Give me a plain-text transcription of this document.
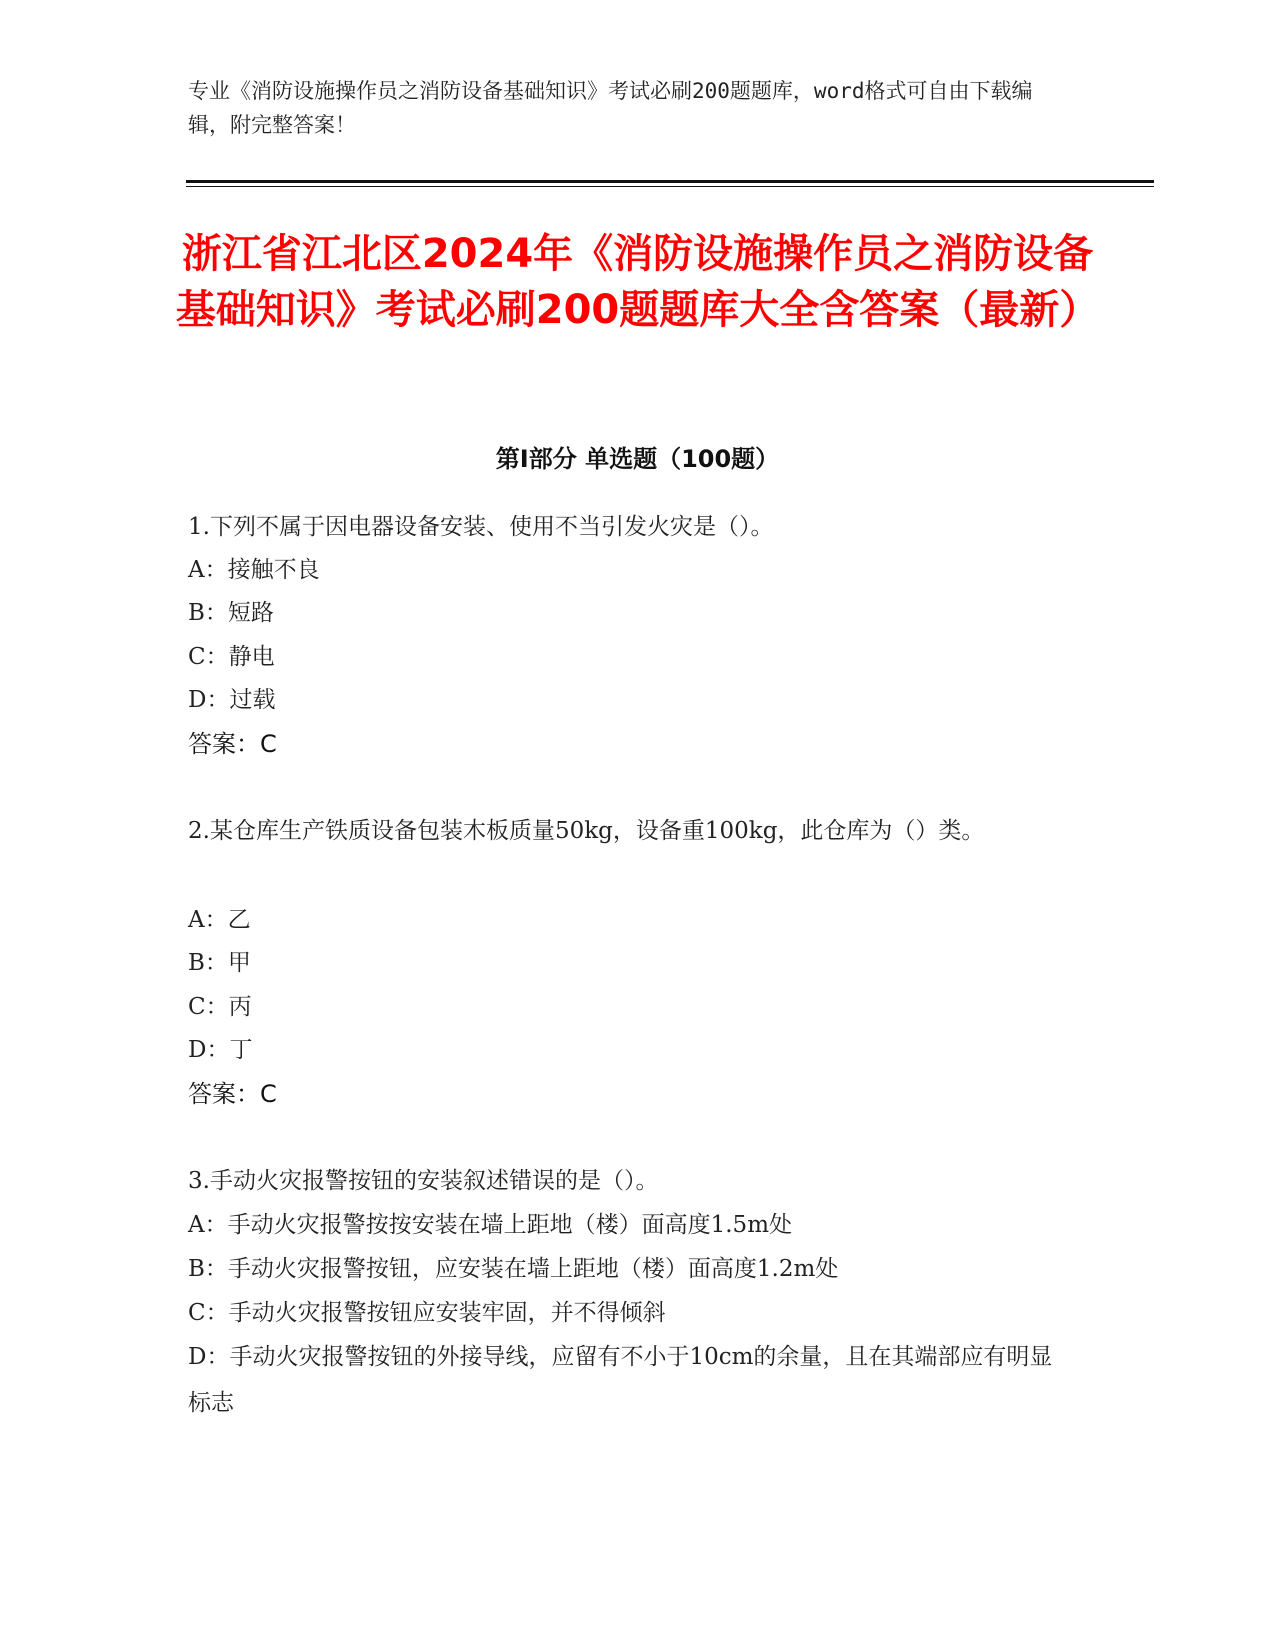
专业《消防设施操作员之消防设备基础知识》考试必刷200题题库，word格式可自由下载编辑，附完整答案！

浙江省江北区2024年《消防设施操作员之消防设备基础知识》考试必刷200题题库大全含答案（最新）
第I部分 单选题（100题）

1.下列不属于因电器设备安装、使用不当引发火灾是（）。

A：接触不良

B：短路

C：静电

D：过载

答案：C

2.某仓库生产铁质设备包装木板质量50kg，设备重100kg，此仓库为（）类。

A：乙

B：甲

C：丙

D：丁

答案：C

3.手动火灾报警按钮的安装叙述错误的是（）。

A：手动火灾报警按按安装在墙上距地（楼）面高度1.5m处

B：手动火灾报警按钮，应安装在墙上距地（楼）面高度1.2m处

C：手动火灾报警按钮应安装牢固，并不得倾斜

D：手动火灾报警按钮的外接导线，应留有不小于10cm的余量，且在其端部应有明显标志
